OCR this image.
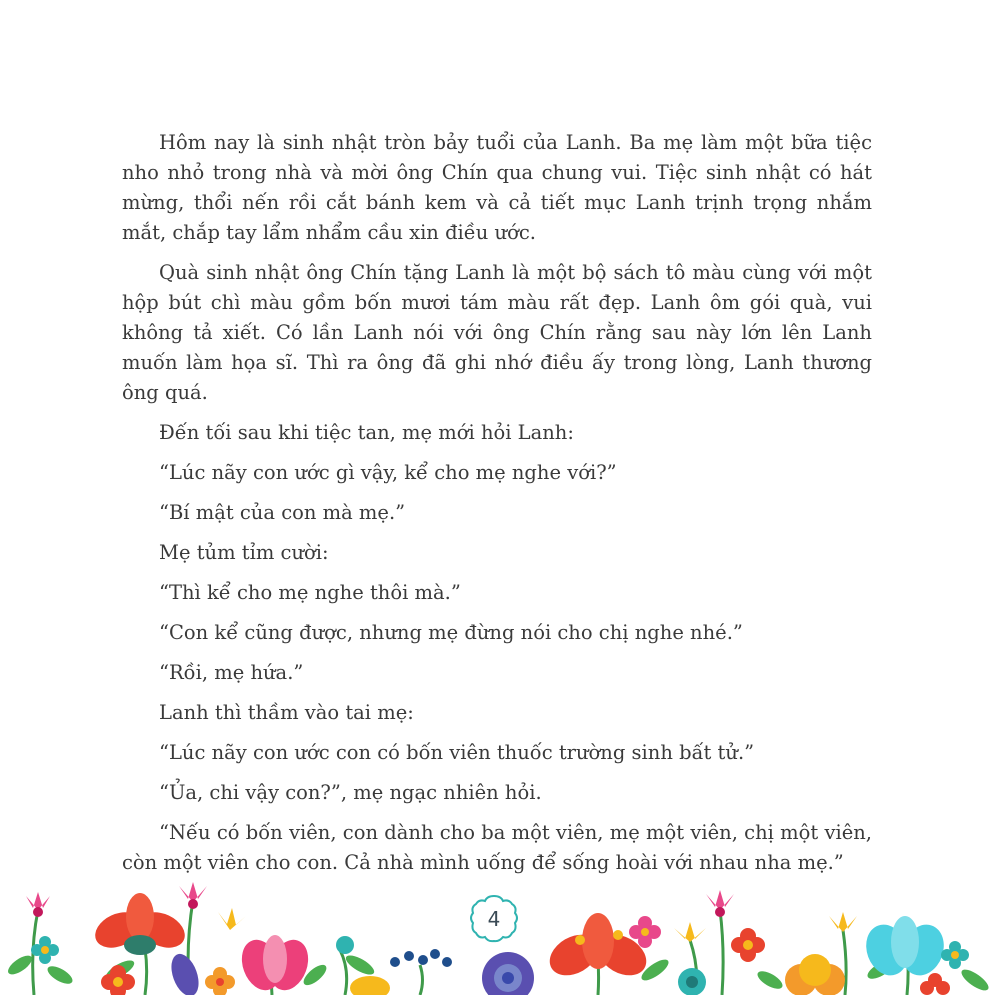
Hôm nay là sinh nhật tròn bảy tuổi của Lanh. Ba mẹ làm một bữa tiệc nho nhỏ trong nhà và mời ông Chín qua chung vui. Tiệc sinh nhật có hát mừng, thổi nến rồi cắt bánh kem và cả tiết mục Lanh trịnh trọng nhắm mắt, chắp tay lẩm nhẩm cầu xin điều ước.

Quà sinh nhật ông Chín tặng Lanh là một bộ sách tô màu cùng với một hộp bút chì màu gồm bốn mươi tám màu rất đẹp. Lanh ôm gói quà, vui không tả xiết. Có lần Lanh nói với ông Chín rằng sau này lớn lên Lanh muốn làm họa sĩ. Thì ra ông đã ghi nhớ điều ấy trong lòng, Lanh thương ông quá.

Đến tối sau khi tiệc tan, mẹ mới hỏi Lanh:

“Lúc nãy con ước gì vậy, kể cho mẹ nghe với?”

“Bí mật của con mà mẹ.”

Mẹ tủm tỉm cười:

“Thì kể cho mẹ nghe thôi mà.”

“Con kể cũng được, nhưng mẹ đừng nói cho chị nghe nhé.”

“Rồi, mẹ hứa.”

Lanh thì thầm vào tai mẹ:

“Lúc nãy con ước con có bốn viên thuốc trường sinh bất tử.”

“Ủa, chi vậy con?”, mẹ ngạc nhiên hỏi.

“Nếu có bốn viên, con dành cho ba một viên, mẹ một viên, chị một viên, còn một viên cho con. Cả nhà mình uống để sống hoài với nhau nha mẹ.”

4
